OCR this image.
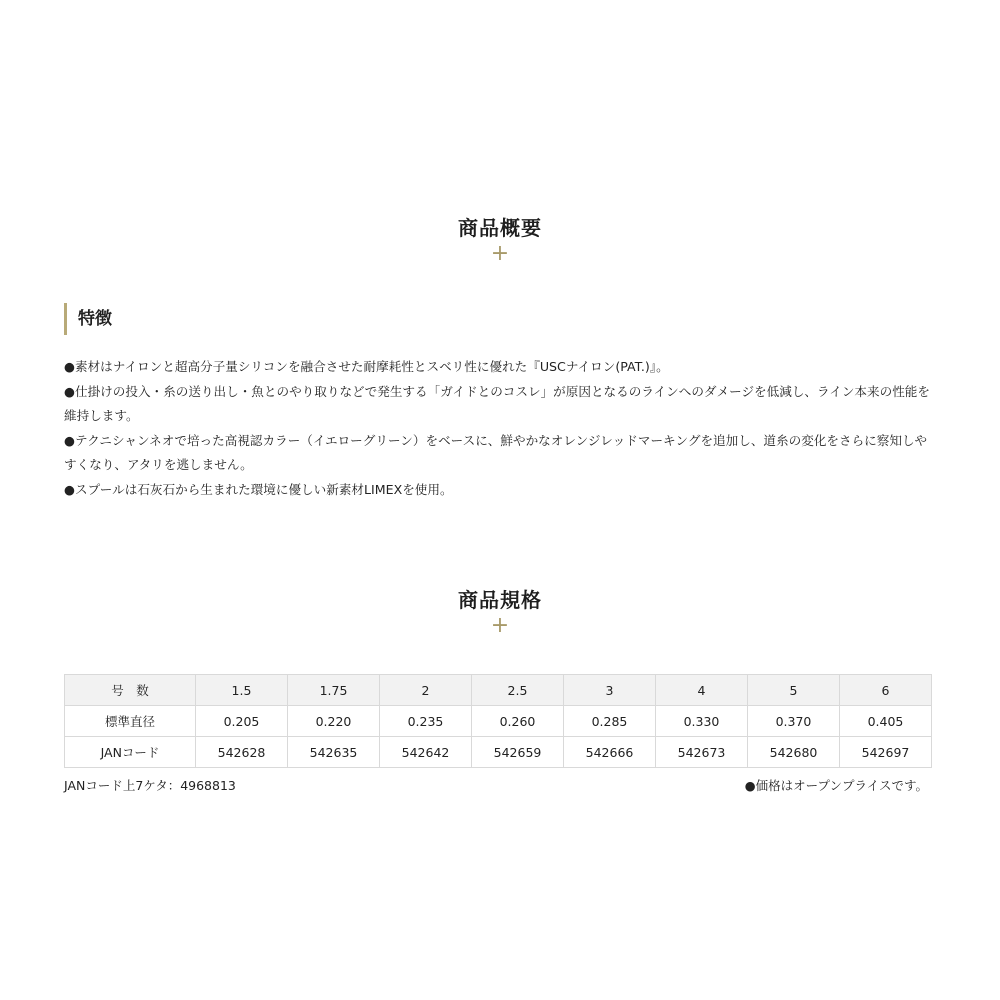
商品概要
+
特徴
●素材はナイロンと超高分子量シリコンを融合させた耐摩耗性とスベリ性に優れた『USCナイロン(PAT.)』。
●仕掛けの投入・糸の送り出し・魚とのやり取りなどで発生する「ガイドとのコスレ」が原因となるのラインへのダメージを低減し、ライン本来の性能を維持します。
●テクニシャンネオで培った高視認カラー（イエローグリーン）をベースに、鮮やかなオレンジレッドマーキングを追加し、道糸の変化をさらに察知しやすくなり、アタリを逃しません。
●スプールは石灰石から生まれた環境に優しい新素材LIMEXを使用。
商品規格
+
号　数	1.5	1.75	2	2.5	3	4	5	6
標準直径	0.205	0.220	0.235	0.260	0.285	0.330	0.370	0.405
JANコード	542628	542635	542642	542659	542666	542673	542680	542697
JANコード上7ケタ：4968813	●価格はオープンプライスです。
